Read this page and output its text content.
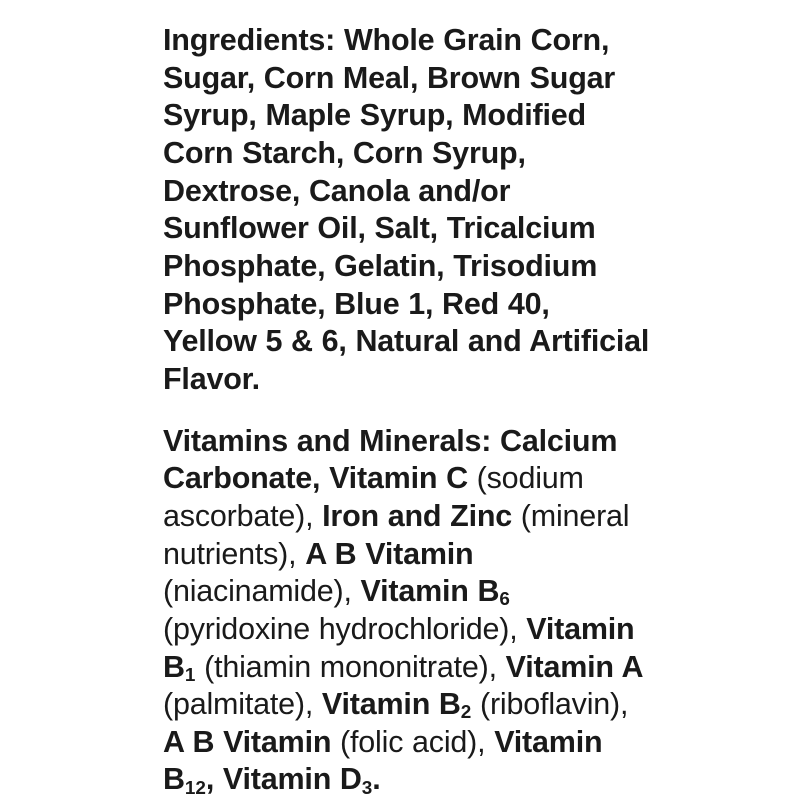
Ingredients: Whole Grain Corn, Sugar, Corn Meal, Brown Sugar Syrup, Maple Syrup, Modified Corn Starch, Corn Syrup, Dextrose, Canola and/or Sunflower Oil, Salt, Tricalcium Phosphate, Gelatin, Trisodium Phosphate, Blue 1, Red 40, Yellow 5 & 6, Natural and Artificial Flavor.

Vitamins and Minerals: Calcium Carbonate, Vitamin C (sodium ascorbate), Iron and Zinc (mineral nutrients), A B Vitamin (niacinamide), Vitamin $B_6$ (pyridoxine hydrochloride), Vitamin $B_1$ (thiamin mononitrate), Vitamin A (palmitate), Vitamin $B_2$ (riboflavin), A B Vitamin (folic acid), Vitamin $B_{12}$, Vitamin $D_3$.
